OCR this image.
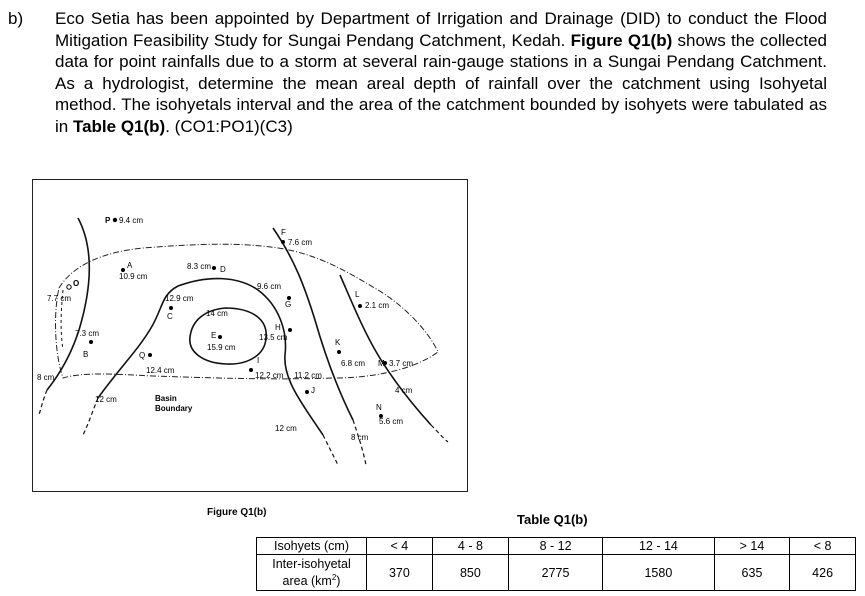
b) Eco Setia has been appointed by Department of Irrigation and Drainage (DID) to conduct the Flood Mitigation Feasibility Study for Sungai Pendang Catchment, Kedah. Figure Q1(b) shows the collected data for point rainfalls due to a storm at several rain-gauge stations in a Sungai Pendang Catchment. As a hydrologist, determine the mean areal depth of rainfall over the catchment using Isohyetal method. The isohyetals interval and the area of the catchment bounded by isohyets were tabulated as in Table Q1(b). (CO1:PO1)(C3)
P 9.4 cm
A
10.9 cm
O
7.7 cm
7.3 cm
B
12.9 cm
C
8.3 cm D
E
15.9 cm
F
7.6 cm
9.6 cm
G
H
13.5 cm
I
12.2 cm 11.2 cm
J
K
6.8 cm
L
2.1 cm
M 3.7 cm
N
5.6 cm
Q
12.4 cm
14 cm
12 cm
12 cm
8 cm
8 cm
4 cm
Basin Boundary
Figure Q1(b)	Table Q1(b)
Isohyets (cm)	< 4	4 - 8	8 - 12	12 - 14	> 14	< 8
Inter-isohyetal
area $(km^2)$	370	850	2775	1580	635	426
